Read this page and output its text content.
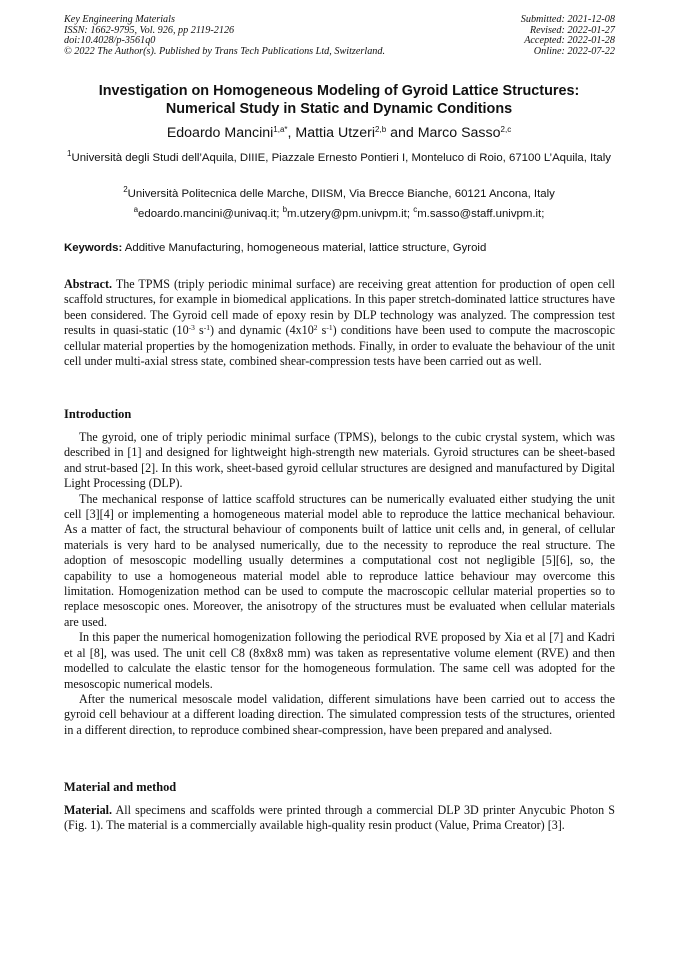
Key Engineering Materials
ISSN: 1662-9795, Vol. 926, pp 2119-2126
doi:10.4028/p-3561q0
© 2022 The Author(s). Published by Trans Tech Publications Ltd, Switzerland.
Submitted: 2021-12-08
Revised: 2022-01-27
Accepted: 2022-01-28
Online: 2022-07-22
Investigation on Homogeneous Modeling of Gyroid Lattice Structures:
Numerical Study in Static and Dynamic Conditions
Edoardo Mancini$^{1,a*}$, Mattia Utzeri$^{2,b}$ and Marco Sasso$^{2,c}$
$^1$Università degli Studi dell’Aquila, DIIIE, Piazzale Ernesto Pontieri I, Monteluco di Roio, 67100 L’Aquila, Italy
$^2$Università Politecnica delle Marche, DIISM, Via Brecce Bianche, 60121 Ancona, Italy
$^a$edoardo.mancini@univaq.it; $^b$m.utzery@pm.univpm.it; $^c$m.sasso@staff.univpm.it;
Keywords: Additive Manufacturing, homogeneous material, lattice structure, Gyroid
Abstract. The TPMS (triply periodic minimal surface) are receiving great attention for production of open cell scaffold structures, for example in biomedical applications. In this paper stretch-dominated lattice structures have been considered. The Gyroid cell made of epoxy resin by DLP technology was analyzed. The compression test results in quasi-static ($10^{-3}$ $s^{-1}$) and dynamic ($4x10^2$ $s^{-1}$) conditions have been used to compute the macroscopic cellular material properties by the homogenization methods. Finally, in order to evaluate the behaviour of the unit cell under multi-axial stress state, combined shear-compression tests have been carried out as well.
Introduction

The gyroid, one of triply periodic minimal surface (TPMS), belongs to the cubic crystal system, which was described in [1] and designed for lightweight high-strength new materials. Gyroid structures can be sheet-based and strut-based [2]. In this work, sheet-based gyroid cellular structures are designed and manufactured by Digital Light Processing (DLP).

The mechanical response of lattice scaffold structures can be numerically evaluated either studying the unit cell [3][4] or implementing a homogeneous material model able to reproduce the lattice mechanical behaviour. As a matter of fact, the structural behaviour of components built of lattice unit cells and, in general, of cellular materials is very hard to be analysed numerically, due to the necessity to reproduce the real structure. The adoption of mesoscopic modelling usually determines a computational cost not negligible [5][6], so, the capability to use a homogeneous material model able to reproduce lattice behaviour may overcome this limitation. Homogenization method can be used to compute the macroscopic cellular material properties so to replace mesoscopic ones. Moreover, the anisotropy of the structures must be evaluated when cellular materials are used.

In this paper the numerical homogenization following the periodical RVE proposed by Xia et al [7] and Kadri et al [8], was used. The unit cell C8 (8x8x8 mm) was taken as representative volume element (RVE) and then modelled to calculate the elastic tensor for the homogeneous formulation. The same cell was adopted for the mesoscopic numerical models.

After the numerical mesoscale model validation, different simulations have been carried out to access the gyroid cell behaviour at a different loading direction. The simulated compression tests of the structures, oriented in a different direction, to reproduce combined shear-compression, have been prepared and analysed.

Material and method
Material. All specimens and scaffolds were printed through a commercial DLP 3D printer Anycubic Photon S (Fig. 1). The material is a commercially available high-quality resin product (Value, Prima Creator) [3].
